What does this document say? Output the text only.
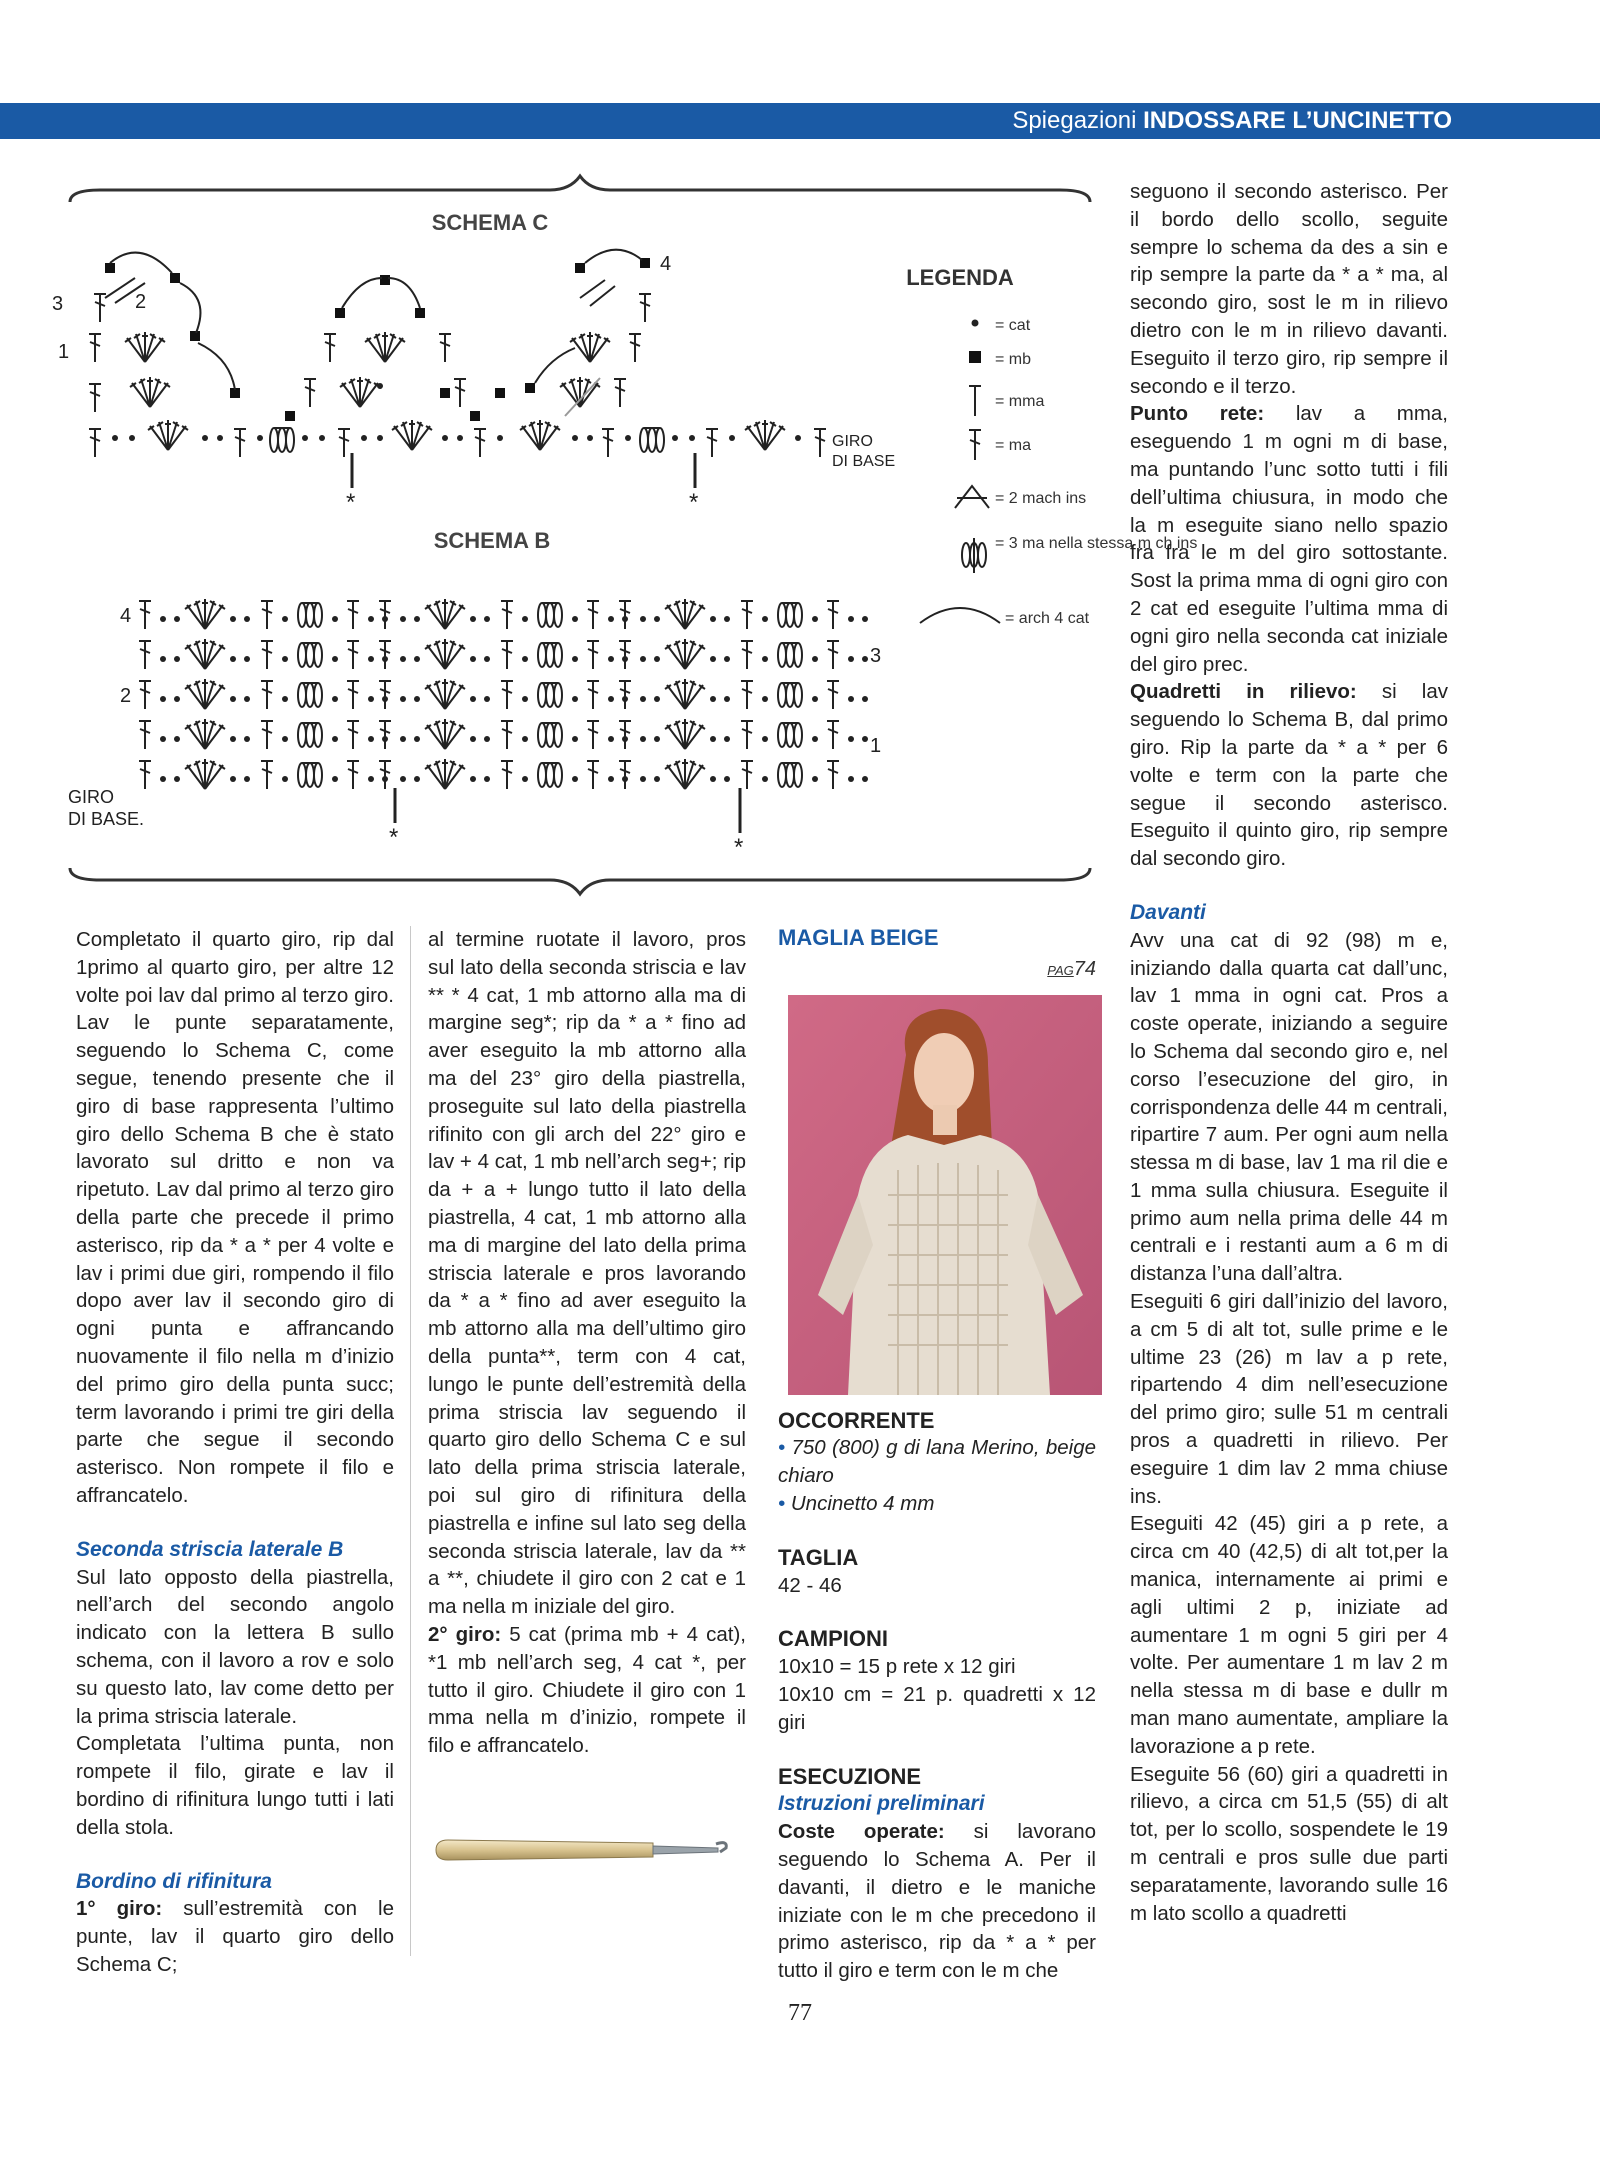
Spiegazioni INDOSSARE L’UNCINETTO
SCHEMA C
1
2
3
4
GIRO
DI BASE
*	*
LEGENDA
= cat
= mb
= mma
= ma
= 2 mach ins
= 3 ma nella stessa m ch ins
= arch 4 cat
SCHEMA B
4
2
3
1
GIRO
DI BASE.
*	*

Completato il quarto giro, rip dal 1primo al quarto giro, per altre 12 volte poi lav dal primo al terzo giro. Lav le punte separatamente, seguendo lo Schema C, come segue, tenendo presente che il giro di base rappresenta l’ultimo giro dello Schema B che è stato lavorato sul dritto e non va ripetuto. Lav dal primo al terzo giro della parte che precede il primo asterisco, rip da * a * per 4 volte e lav i primi due giri, rompendo il filo dopo aver lav il secondo giro di ogni punta e affrancando nuovamente il filo nella m d’inizio del primo giro della punta succ; term lavorando i primi tre giri della parte che segue il secondo asterisco. Non rompete il filo e affrancatelo.

Seconda striscia laterale B

Sul lato opposto della piastrella, nell’arch del secondo angolo indicato con la lettera B sullo schema, con il lavoro a rov e solo su questo lato, lav come detto per la prima striscia laterale.

Completata l’ultima punta, non rompete il filo, girate e lav il bordino di rifinitura lungo tutti i lati della stola.

Bordino di rifinitura

1° giro: sull’estremità con le punte, lav il quarto giro dello Schema C;

al termine ruotate il lavoro, pros sul lato della seconda striscia e lav ** * 4 cat, 1 mb attorno alla ma di margine seg*; rip da * a * fino ad aver eseguito la mb attorno alla ma del 23° giro della piastrella, proseguite sul lato della piastrella rifinito con gli arch del 22° giro e lav + 4 cat, 1 mb nell’arch seg+; rip da + a + lungo tutto il lato della piastrella, 4 cat, 1 mb attorno alla ma di margine del lato della prima striscia laterale e pros lavorando da * a * fino ad aver eseguito la mb attorno alla ma dell’ultimo giro della punta**, term con 4 cat, lungo le punte dell’estremità della prima striscia lav seguendo il quarto giro dello Schema C e sul lato della prima striscia laterale, poi sul giro di rifinitura della piastrella e infine sul lato seg della seconda striscia laterale, lav da ** a **, chiudete il giro con 2 cat e 1 ma nella m iniziale del giro.

2° giro: 5 cat (prima mb + 4 cat), *1 mb nell’arch seg, 4 cat *, per tutto il giro. Chiudete il giro con 1 mma nella m d’inizio, rompete il filo e affrancatelo.

MAGLIA BEIGE
PAG74
OCCORRENTE

• 750 (800) g di lana Merino, beige chiaro

• Uncinetto 4 mm

TAGLIA

42 - 46

CAMPIONI

10x10 = 15 p rete x 12 giri

10x10 cm = 21 p. quadretti x 12 giri

ESECUZIONE
Istruzioni preliminari

Coste operate: si lavorano seguendo lo Schema A. Per il davanti, il dietro e le maniche iniziate con le m che precedono il primo asterisco, rip da * a * per tutto il giro e term con le m che

seguono il secondo asterisco. Per il bordo dello scollo, seguite sempre lo schema da des a sin e rip sempre la parte da * a * ma, al secondo giro, sost le m in rilievo dietro con le m in rilievo davanti. Eseguito il terzo giro, rip sempre il secondo e il terzo.

Punto rete: lav a mma, eseguendo 1 m ogni m di base, ma puntando l’unc sotto tutti i fili dell’ultima chiusura, in modo che la m eseguite siano nello spazio fra fra le m del giro sottostante. Sost la prima mma di ogni giro con 2 cat ed eseguite l’ultima mma di ogni giro nella seconda cat iniziale del giro prec.

Quadretti in rilievo: si lav seguendo lo Schema B, dal primo giro. Rip la parte da * a * per 6 volte e term con la parte che segue il secondo asterisco. Eseguito il quinto giro, rip sempre dal secondo giro.

Davanti

Avv una cat di 92 (98) m e, iniziando dalla quarta cat dall’unc, lav 1 mma in ogni cat. Pros a coste operate, iniziando a seguire lo Schema dal secondo giro e, nel corso l’esecuzione del giro, in corrispondenza delle 44 m centrali, ripartire 7 aum. Per ogni aum nella stessa m di base, lav 1 ma ril die e 1 mma sulla chiusura. Eseguite il primo aum nella prima delle 44 m centrali e i restanti aum a 6 m di distanza l’una dall’altra.

Eseguiti 6 giri dall’inizio del lavoro, a cm 5 di alt tot, sulle prime e le ultime 23 (26) m lav a p rete, ripartendo 4 dim nell’esecuzione del primo giro; sulle 51 m centrali pros a quadretti in rilievo. Per eseguire 1 dim lav 2 mma chiuse ins.

Eseguiti 42 (45) giri a p rete, a circa cm 40 (42,5) di alt tot,per la manica, internamente ai primi e agli ultimi 2 p, iniziate ad aumentare 1 m ogni 5 giri per 4 volte. Per aumentare 1 m lav 2 m nella stessa m di base e dullr m man mano aumentate, ampliare la lavorazione a p rete.

Eseguite 56 (60) giri a quadretti in rilievo, a circa cm 51,5 (55) di alt tot, per lo scollo, sospendete le 19 m centrali e pros sulle due parti separatamente, lavorando sulle 16 m lato scollo a quadretti

77
